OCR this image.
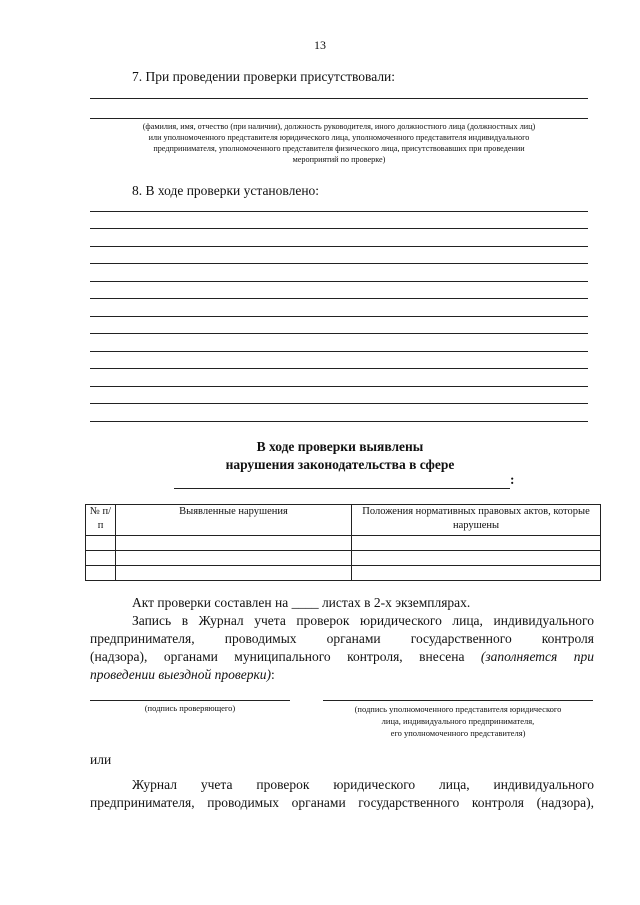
13
7. При проведении проверки присутствовали:
(фамилия, имя, отчество (при наличии), должность руководителя, иного должностного лица (должностных лиц)
или уполномоченного представителя юридического лица, уполномоченного представителя индивидуального
предпринимателя, уполномоченного представителя физического лица, присутствовавших при проведении
мероприятий по проверке)
8. В ходе проверки установлено:
В ходе проверки выявлены
нарушения законодательства в сфере
:
№ п/п	Выявленные нарушения	Положения нормативных правовых актов, которые нарушены

Акт проверки составлен на ____ листах в 2-х экземплярах.
Запись в Журнал учета проверок юридического лица, индивидуального
предпринимателя, проводимых органами государственного контроля
(надзора), органами муниципального контроля, внесена (заполняется при
проведении выездной проверки):
(подпись проверяющего)	(подпись уполномоченного представителя юридического
лица, индивидуального предпринимателя,
его уполномоченного представителя)
или
Журнал учета проверок юридического лица, индивидуального
предпринимателя, проводимых органами государственного контроля (надзора),
